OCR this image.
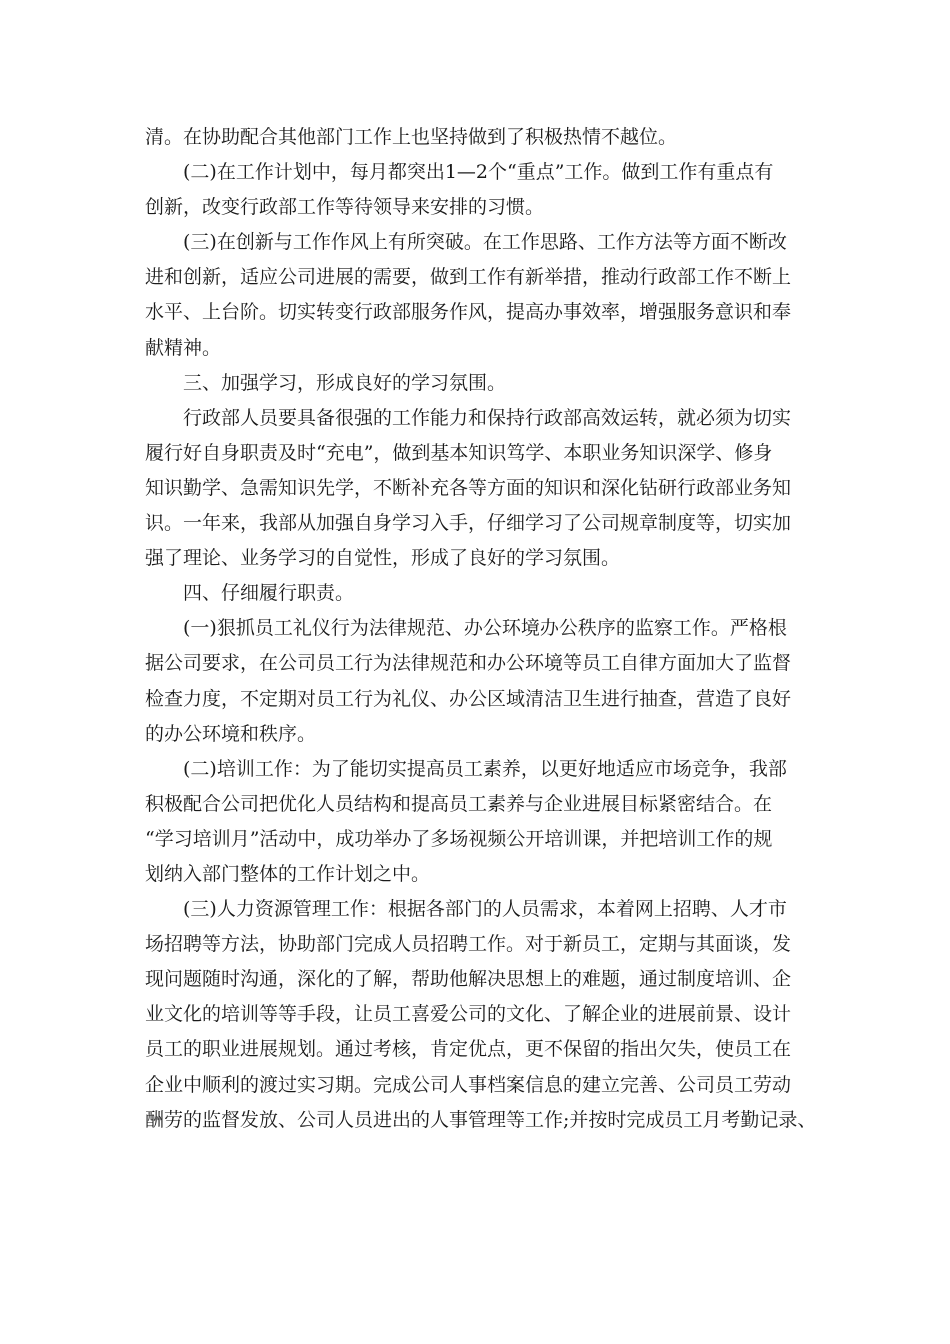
清。在协助配合其他部门工作上也坚持做到了积极热情不越位。
(二)在工作计划中，每月都突出1—2个“重点”工作。做到工作有重点有
创新，改变行政部工作等待领导来安排的习惯。
(三)在创新与工作作风上有所突破。在工作思路、工作方法等方面不断改
进和创新，适应公司进展的需要，做到工作有新举措，推动行政部工作不断上
水平、上台阶。切实转变行政部服务作风，提高办事效率，增强服务意识和奉
献精神。
三、加强学习，形成良好的学习氛围。
行政部人员要具备很强的工作能力和保持行政部高效运转，就必须为切实
履行好自身职责及时“充电”，做到基本知识笃学、本职业务知识深学、修身
知识勤学、急需知识先学，不断补充各等方面的知识和深化钻研行政部业务知
识。一年来，我部从加强自身学习入手，仔细学习了公司规章制度等，切实加
强了理论、业务学习的自觉性，形成了良好的学习氛围。
四、仔细履行职责。
(一)狠抓员工礼仪行为法律规范、办公环境办公秩序的监察工作。严格根
据公司要求，在公司员工行为法律规范和办公环境等员工自律方面加大了监督
检查力度，不定期对员工行为礼仪、办公区域清洁卫生进行抽查，营造了良好
的办公环境和秩序。
(二)培训工作：为了能切实提高员工素养，以更好地适应市场竞争，我部
积极配合公司把优化人员结构和提高员工素养与企业进展目标紧密结合。在
“学习培训月”活动中，成功举办了多场视频公开培训课，并把培训工作的规
划纳入部门整体的工作计划之中。
(三)人力资源管理工作：根据各部门的人员需求，本着网上招聘、人才市
场招聘等方法，协助部门完成人员招聘工作。对于新员工，定期与其面谈，发
现问题随时沟通，深化的了解，帮助他解决思想上的难题，通过制度培训、企
业文化的培训等等手段，让员工喜爱公司的文化、了解企业的进展前景、设计
员工的职业进展规划。通过考核，肯定优点，更不保留的指出欠失，使员工在
企业中顺利的渡过实习期。完成公司人事档案信息的建立完善、公司员工劳动
酬劳的监督发放、公司人员进出的人事管理等工作;并按时完成员工月考勤记录、
